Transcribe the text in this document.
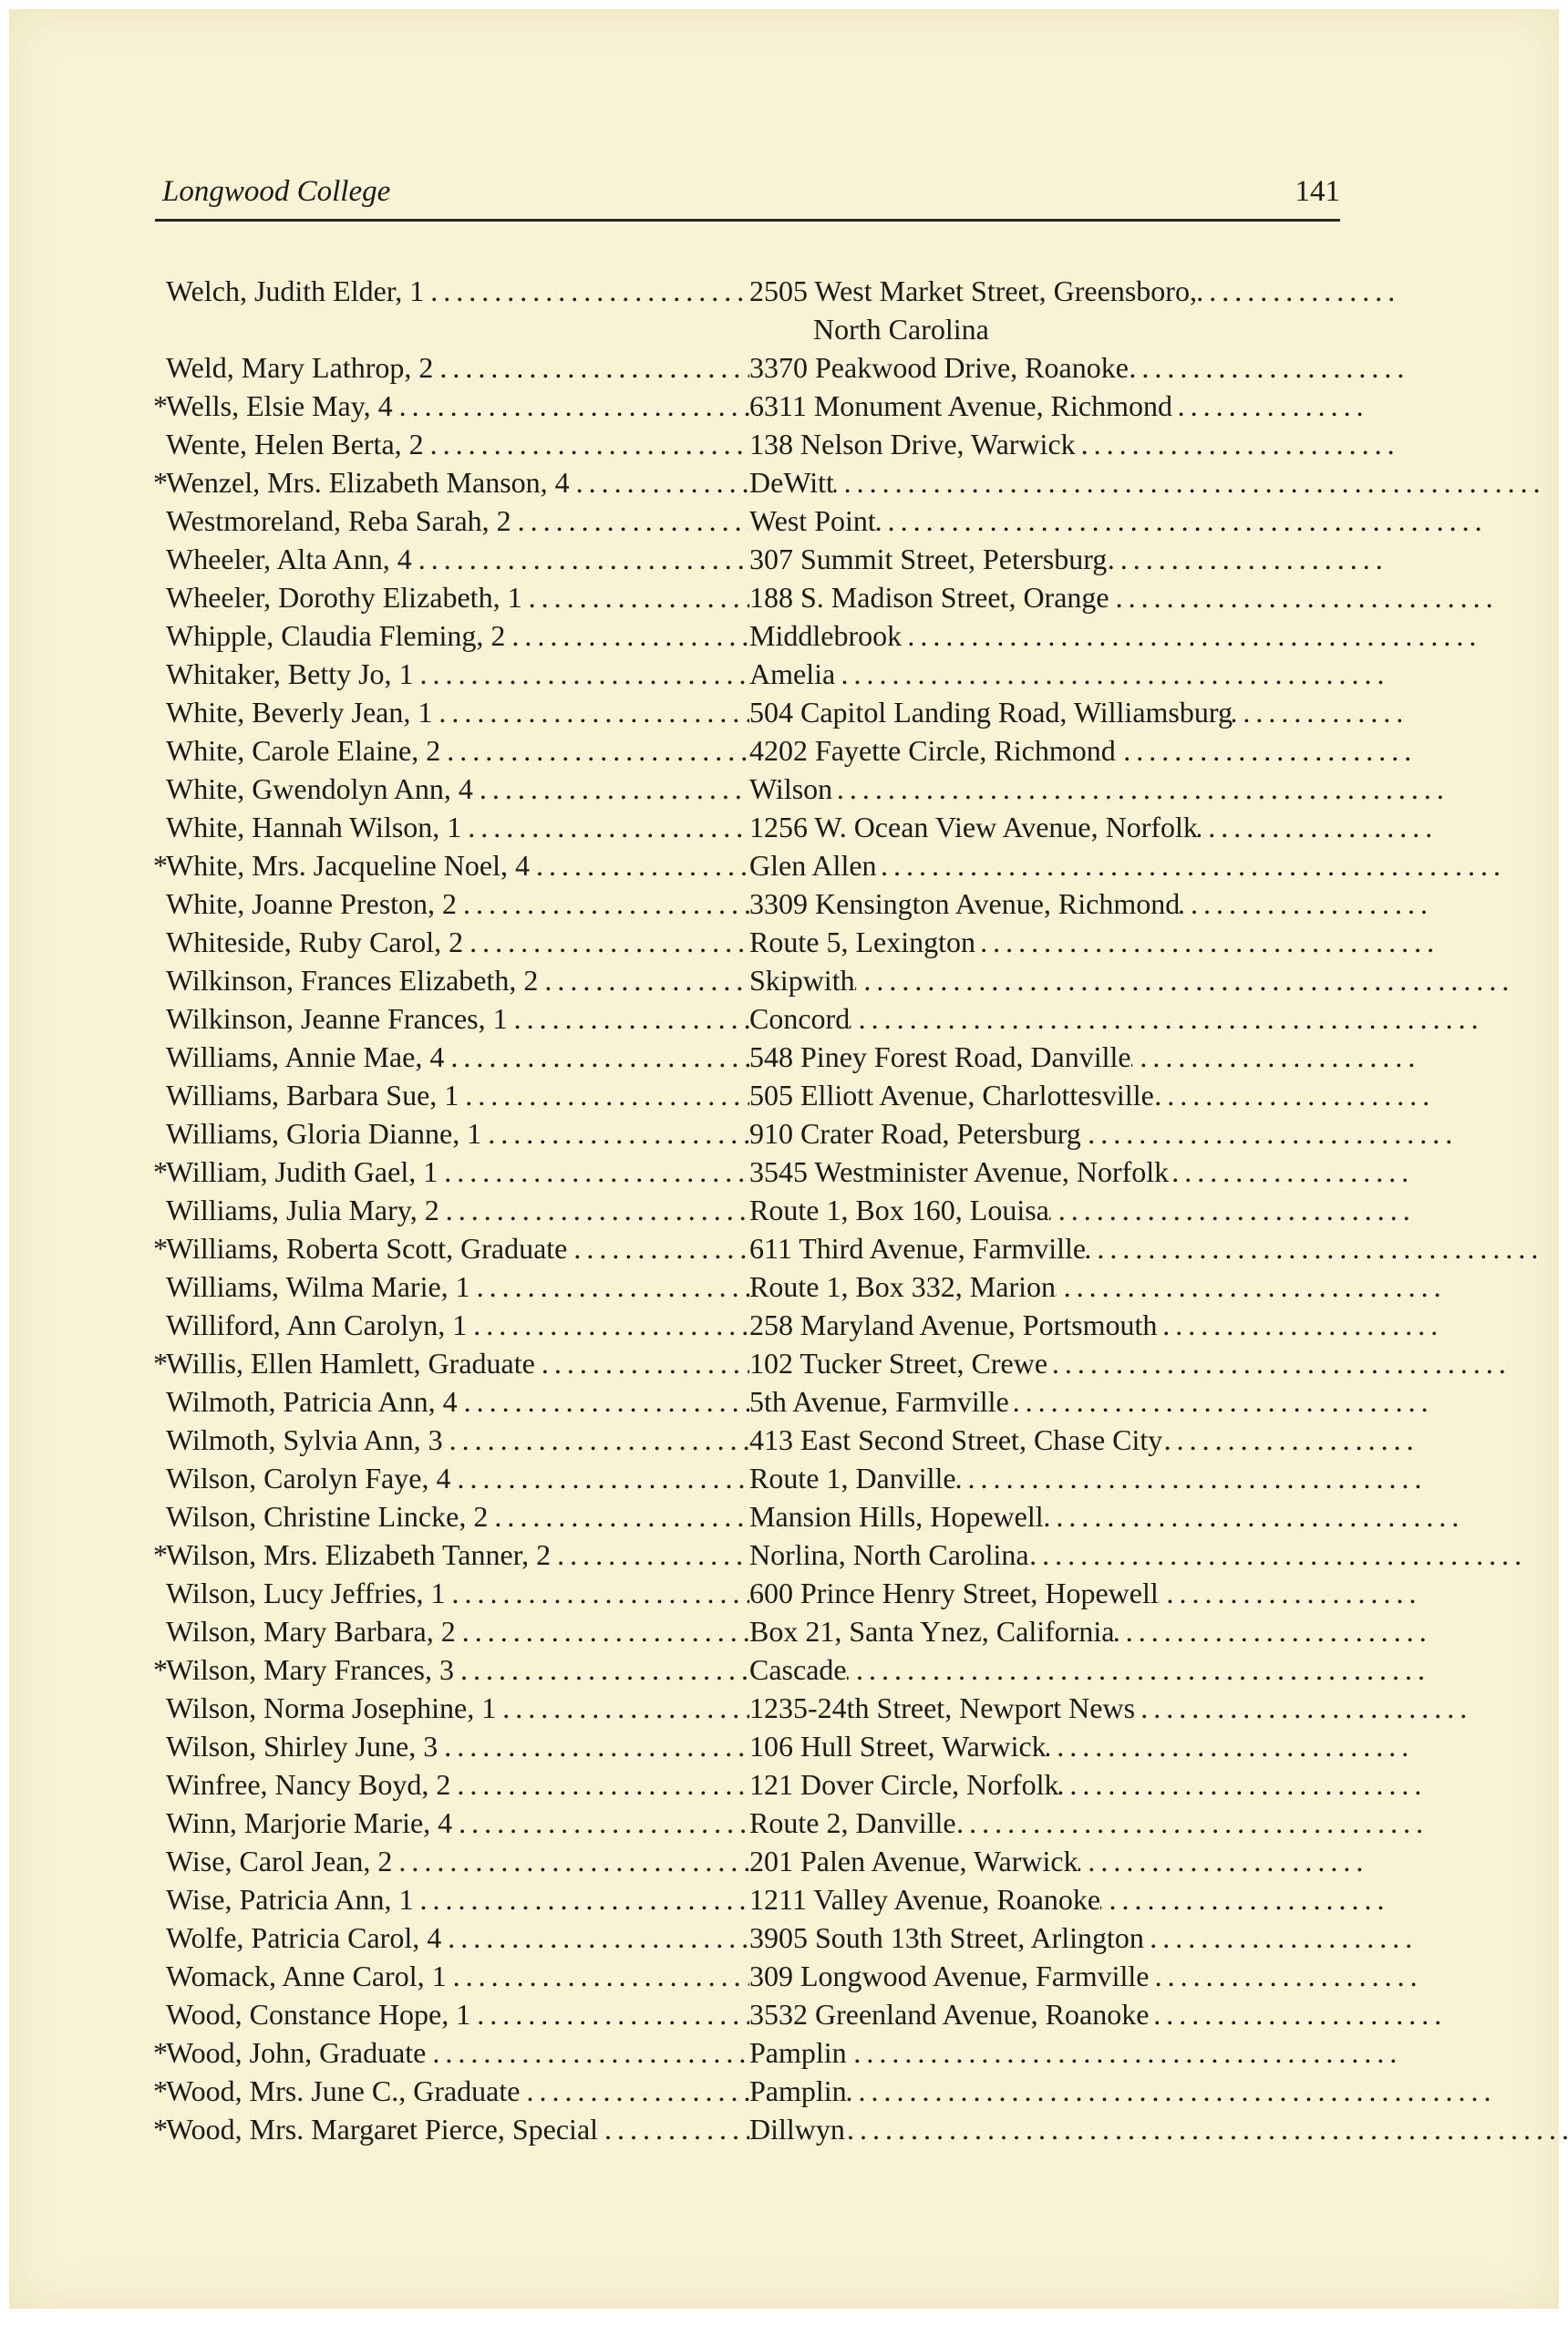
Longwood College	141
Welch, Judith Elder, 1 . . .	2505 West Market Street, Greensboro,
North Carolina
Weld, Mary Lathrop, 2 . . .	3370 Peakwood Drive, Roanoke
*Wells, Elsie May, 4 . . .	6311 Monument Avenue, Richmond
Wente, Helen Berta, 2 . . .	138 Nelson Drive, Warwick
*Wenzel, Mrs. Elizabeth Manson, 4 . . .	DeWitt
Westmoreland, Reba Sarah, 2 . . .	West Point
Wheeler, Alta Ann, 4 . . .	307 Summit Street, Petersburg
Wheeler, Dorothy Elizabeth, 1 . . .	188 S. Madison Street, Orange
Whipple, Claudia Fleming, 2 . . .	Middlebrook
Whitaker, Betty Jo, 1 . . .	Amelia
White, Beverly Jean, 1 . . .	504 Capitol Landing Road, Williamsburg
White, Carole Elaine, 2 . . .	4202 Fayette Circle, Richmond
White, Gwendolyn Ann, 4 . . .	Wilson
White, Hannah Wilson, 1 . . .	1256 W. Ocean View Avenue, Norfolk
*White, Mrs. Jacqueline Noel, 4 . . .	Glen Allen
White, Joanne Preston, 2 . . .	3309 Kensington Avenue, Richmond
Whiteside, Ruby Carol, 2 . . .	Route 5, Lexington
Wilkinson, Frances Elizabeth, 2 . . .	Skipwith
Wilkinson, Jeanne Frances, 1 . . .	Concord
Williams, Annie Mae, 4 . . .	548 Piney Forest Road, Danville
Williams, Barbara Sue, 1 . . .	505 Elliott Avenue, Charlottesville
Williams, Gloria Dianne, 1 . . .	910 Crater Road, Petersburg
*William, Judith Gael, 1 . . .	3545 Westminister Avenue, Norfolk
Williams, Julia Mary, 2 . . .	Route 1, Box 160, Louisa
*Williams, Roberta Scott, Graduate . . .	611 Third Avenue, Farmville
Williams, Wilma Marie, 1 . . .	Route 1, Box 332, Marion
Williford, Ann Carolyn, 1 . . .	258 Maryland Avenue, Portsmouth
*Willis, Ellen Hamlett, Graduate . . .	102 Tucker Street, Crewe
Wilmoth, Patricia Ann, 4 . . .	5th Avenue, Farmville
Wilmoth, Sylvia Ann, 3 . . .	413 East Second Street, Chase City
Wilson, Carolyn Faye, 4 . . .	Route 1, Danville
Wilson, Christine Lincke, 2 . . .	Mansion Hills, Hopewell
*Wilson, Mrs. Elizabeth Tanner, 2 . . .	Norlina, North Carolina
Wilson, Lucy Jeffries, 1 . . .	600 Prince Henry Street, Hopewell
Wilson, Mary Barbara, 2 . . .	Box 21, Santa Ynez, California
*Wilson, Mary Frances, 3 . . .	Cascade
Wilson, Norma Josephine, 1 . . .	1235-24th Street, Newport News
Wilson, Shirley June, 3 . . .	106 Hull Street, Warwick
Winfree, Nancy Boyd, 2 . . .	121 Dover Circle, Norfolk
Winn, Marjorie Marie, 4 . . .	Route 2, Danville
Wise, Carol Jean, 2 . . .	201 Palen Avenue, Warwick
Wise, Patricia Ann, 1 . . .	1211 Valley Avenue, Roanoke
Wolfe, Patricia Carol, 4 . . .	3905 South 13th Street, Arlington
Womack, Anne Carol, 1 . . .	309 Longwood Avenue, Farmville
Wood, Constance Hope, 1 . . .	3532 Greenland Avenue, Roanoke
*Wood, John, Graduate . . .	Pamplin
*Wood, Mrs. June C., Graduate . . .	Pamplin
*Wood, Mrs. Margaret Pierce, Special . . .	Dillwyn
